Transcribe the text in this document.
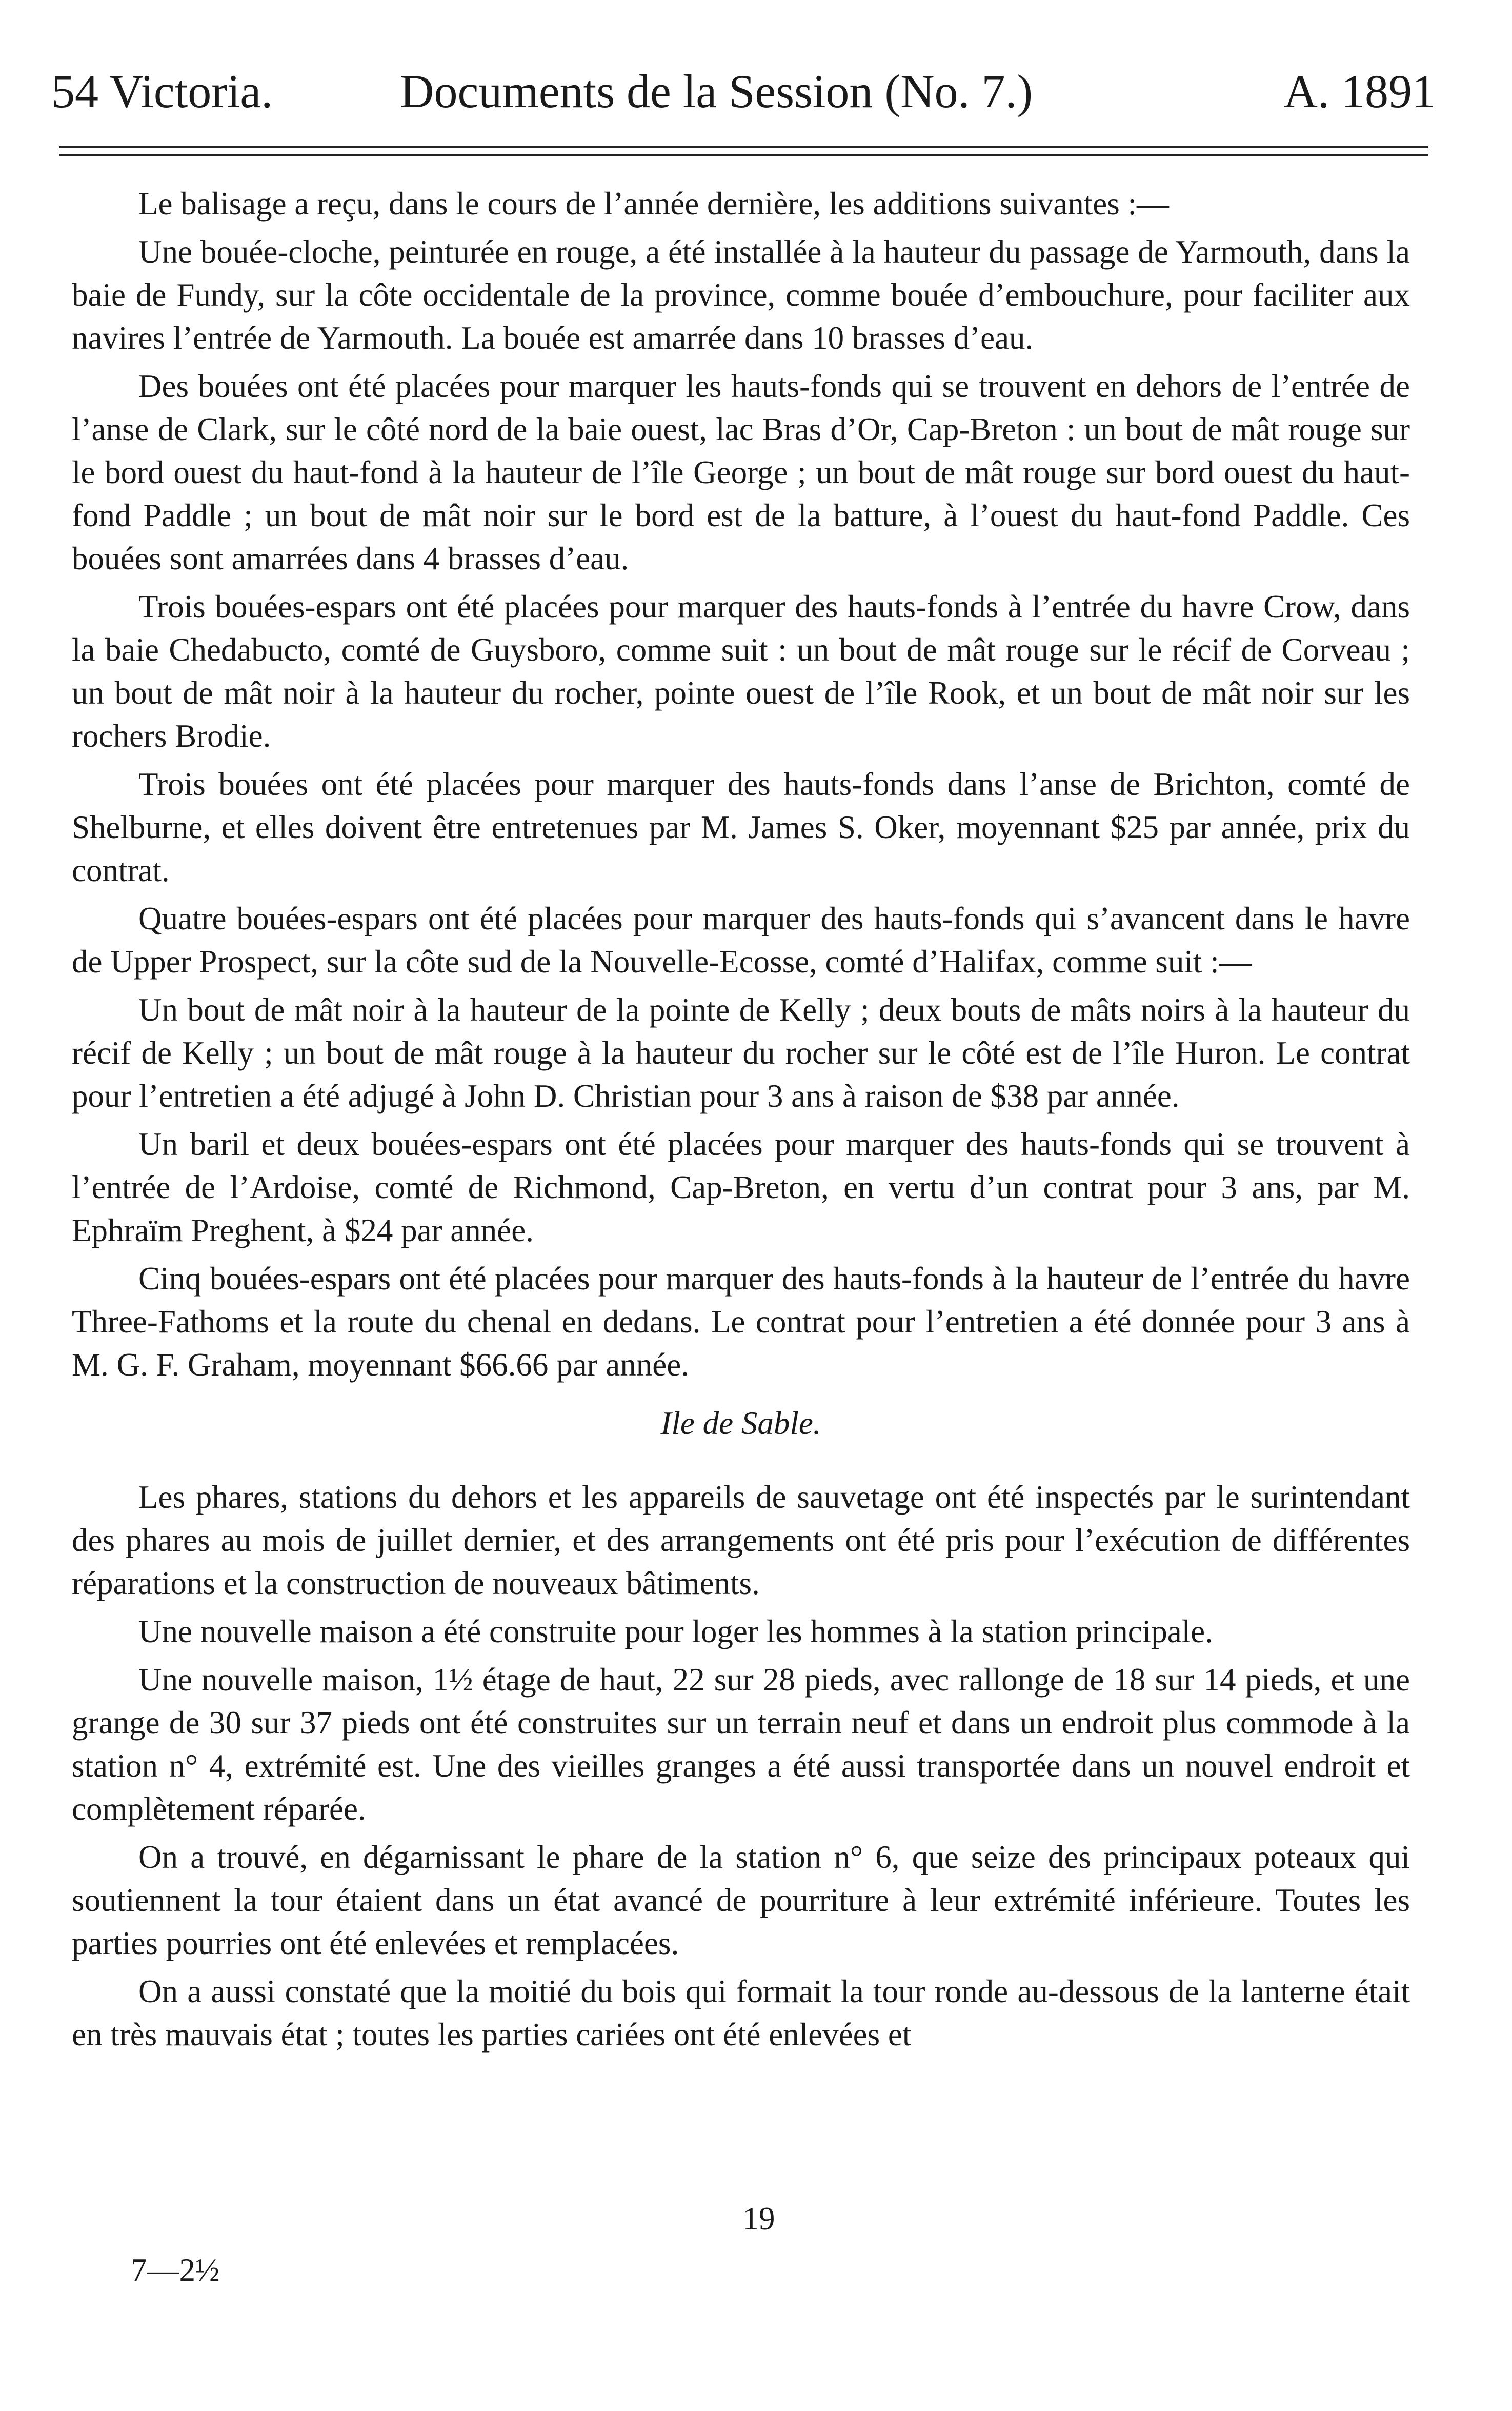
54 Victoria.	Documents de la Session (No. 7.)	A. 1891

Le balisage a reçu, dans le cours de l’année dernière, les additions suivantes :—

Une bouée-cloche, peinturée en rouge, a été installée à la hauteur du passage de Yarmouth, dans la baie de Fundy, sur la côte occidentale de la province, comme bouée d’embouchure, pour faciliter aux navires l’entrée de Yarmouth. La bouée est amarrée dans 10 brasses d’eau.

Des bouées ont été placées pour marquer les hauts-fonds qui se trouvent en dehors de l’entrée de l’anse de Clark, sur le côté nord de la baie ouest, lac Bras d’Or, Cap-Breton : un bout de mât rouge sur le bord ouest du haut-fond à la hauteur de l’île George ; un bout de mât rouge sur bord ouest du haut-fond Paddle ; un bout de mât noir sur le bord est de la batture, à l’ouest du haut-fond Paddle. Ces bouées sont amarrées dans 4 brasses d’eau.

Trois bouées-espars ont été placées pour marquer des hauts-fonds à l’entrée du havre Crow, dans la baie Chedabucto, comté de Guysboro, comme suit : un bout de mât rouge sur le récif de Corveau ; un bout de mât noir à la hauteur du rocher, pointe ouest de l’île Rook, et un bout de mât noir sur les rochers Brodie.

Trois bouées ont été placées pour marquer des hauts-fonds dans l’anse de Brichton, comté de Shelburne, et elles doivent être entretenues par M. James S. Oker, moyennant $25 par année, prix du contrat.

Quatre bouées-espars ont été placées pour marquer des hauts-fonds qui s’avancent dans le havre de Upper Prospect, sur la côte sud de la Nouvelle-Ecosse, comté d’Halifax, comme suit :—

Un bout de mât noir à la hauteur de la pointe de Kelly ; deux bouts de mâts noirs à la hauteur du récif de Kelly ; un bout de mât rouge à la hauteur du rocher sur le côté est de l’île Huron. Le contrat pour l’entretien a été adjugé à John D. Christian pour 3 ans à raison de $38 par année.

Un baril et deux bouées-espars ont été placées pour marquer des hauts-fonds qui se trouvent à l’entrée de l’Ardoise, comté de Richmond, Cap-Breton, en vertu d’un contrat pour 3 ans, par M. Ephraïm Preghent, à $24 par année.

Cinq bouées-espars ont été placées pour marquer des hauts-fonds à la hauteur de l’entrée du havre Three-Fathoms et la route du chenal en dedans. Le contrat pour l’entretien a été donnée pour 3 ans à M. G. F. Graham, moyennant $66.66 par année.

Ile de Sable.

Les phares, stations du dehors et les appareils de sauvetage ont été inspectés par le surintendant des phares au mois de juillet dernier, et des arrangements ont été pris pour l’exécution de différentes réparations et la construction de nouveaux bâtiments.

Une nouvelle maison a été construite pour loger les hommes à la station principale.

Une nouvelle maison, 1½ étage de haut, 22 sur 28 pieds, avec rallonge de 18 sur 14 pieds, et une grange de 30 sur 37 pieds ont été construites sur un terrain neuf et dans un endroit plus commode à la station n° 4, extrémité est. Une des vieilles granges a été aussi transportée dans un nouvel endroit et complètement réparée.

On a trouvé, en dégarnissant le phare de la station n° 6, que seize des principaux poteaux qui soutiennent la tour étaient dans un état avancé de pourriture à leur extrémité inférieure. Toutes les parties pourries ont été enlevées et remplacées.

On a aussi constaté que la moitié du bois qui formait la tour ronde au-dessous de la lanterne était en très mauvais état ; toutes les parties cariées ont été enlevées et

19
7—2½
